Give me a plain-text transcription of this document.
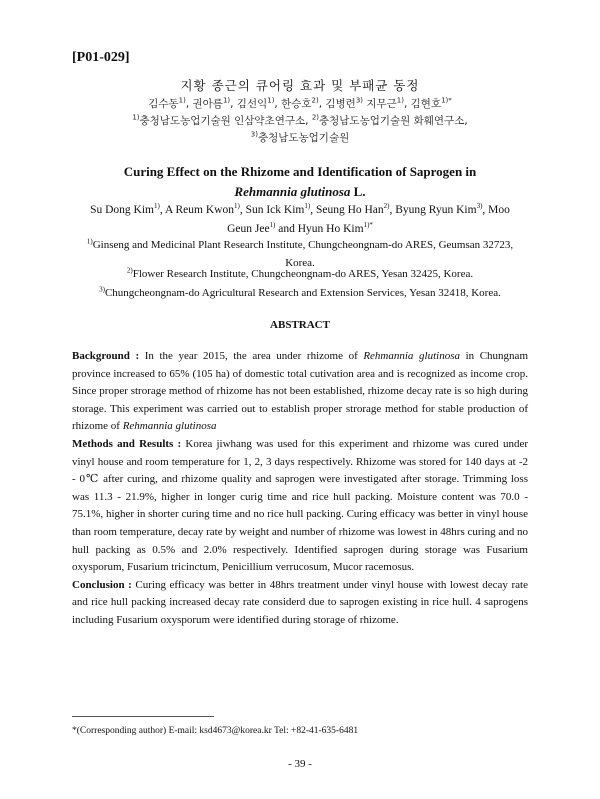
[P01-029]
지황 종근의 큐어링 효과 및 부패균 동정
김수동$^{1)}$, 권아름$^{1)}$, 김선익$^{1)}$, 한승호$^{2)}$, 김병련$^{3)}$ 지무근$^{1)}$, 김현호$^{1)*}$
$^{1)}$충청남도농업기술원 인삼약초연구소, $^{2)}$충청남도농업기술원 화훼연구소,
$^{3)}$충청남도농업기술원
Curing Effect on the Rhizome and Identification of Saprogen in
Rehmannia glutinosa L.
Su Dong Kim$^{1)}$, A Reum Kwon$^{1)}$, Sun Ick Kim$^{1)}$, Seung Ho Han$^{2)}$, Byung Ryun Kim$^{3)}$, Moo
Geun Jee$^{1)}$ and Hyun Ho Kim$^{1)*}$
$^{1)}$Ginseng and Medicinal Plant Research Institute, Chungcheongnam-do ARES, Geumsan 32723,
Korea.
$^{2)}$Flower Research Institute, Chungcheongnam-do ARES, Yesan 32425, Korea.
$^{3)}$Chungcheongnam-do Agricultural Research and Extension Services, Yesan 32418, Korea.
ABSTRACT

Background : In the year 2015, the area under rhizome of Rehmannia glutinosa in Chungnam province increased to 65% (105 ha) of domestic total cutivation area and is recognized as income crop. Since proper strorage method of rhizome has not been established, rhizome decay rate is so high during storage. This experiment was carried out to establish proper strorage method for stable production of rhizome of Rehmannia glutinosa

Methods and Results : Korea jiwhang was used for this experiment and rhizome was cured under vinyl house and room temperature for 1, 2, 3 days respectively. Rhizome was stored for 140 days at -2 - 0℃ after curing, and rhizome quality and saprogen were investigated after storage. Trimming loss was 11.3 - 21.9%, higher in longer curig time and rice hull packing. Moisture content was 70.0 - 75.1%, higher in shorter curing time and no rice hull packing. Curing efficacy was better in vinyl house than room temperature, decay rate by weight and number of rhizome was lowest in 48hrs curing and no hull packing as 0.5% and 2.0% respectively. Identified saprogen during storage was Fusarium oxysporum, Fusarium tricinctum, Penicillium verrucosum, Mucor racemosus.

Conclusion : Curing efficacy was better in 48hrs treatment under vinyl house with lowest decay rate and rice hull packing increased decay rate considerd due to saprogen existing in rice hull. 4 saprogens including Fusarium oxysporum were identified during storage of rhizome.

*(Corresponding author) E-mail: ksd4673@korea.kr Tel: +82-41-635-6481
- 39 -
